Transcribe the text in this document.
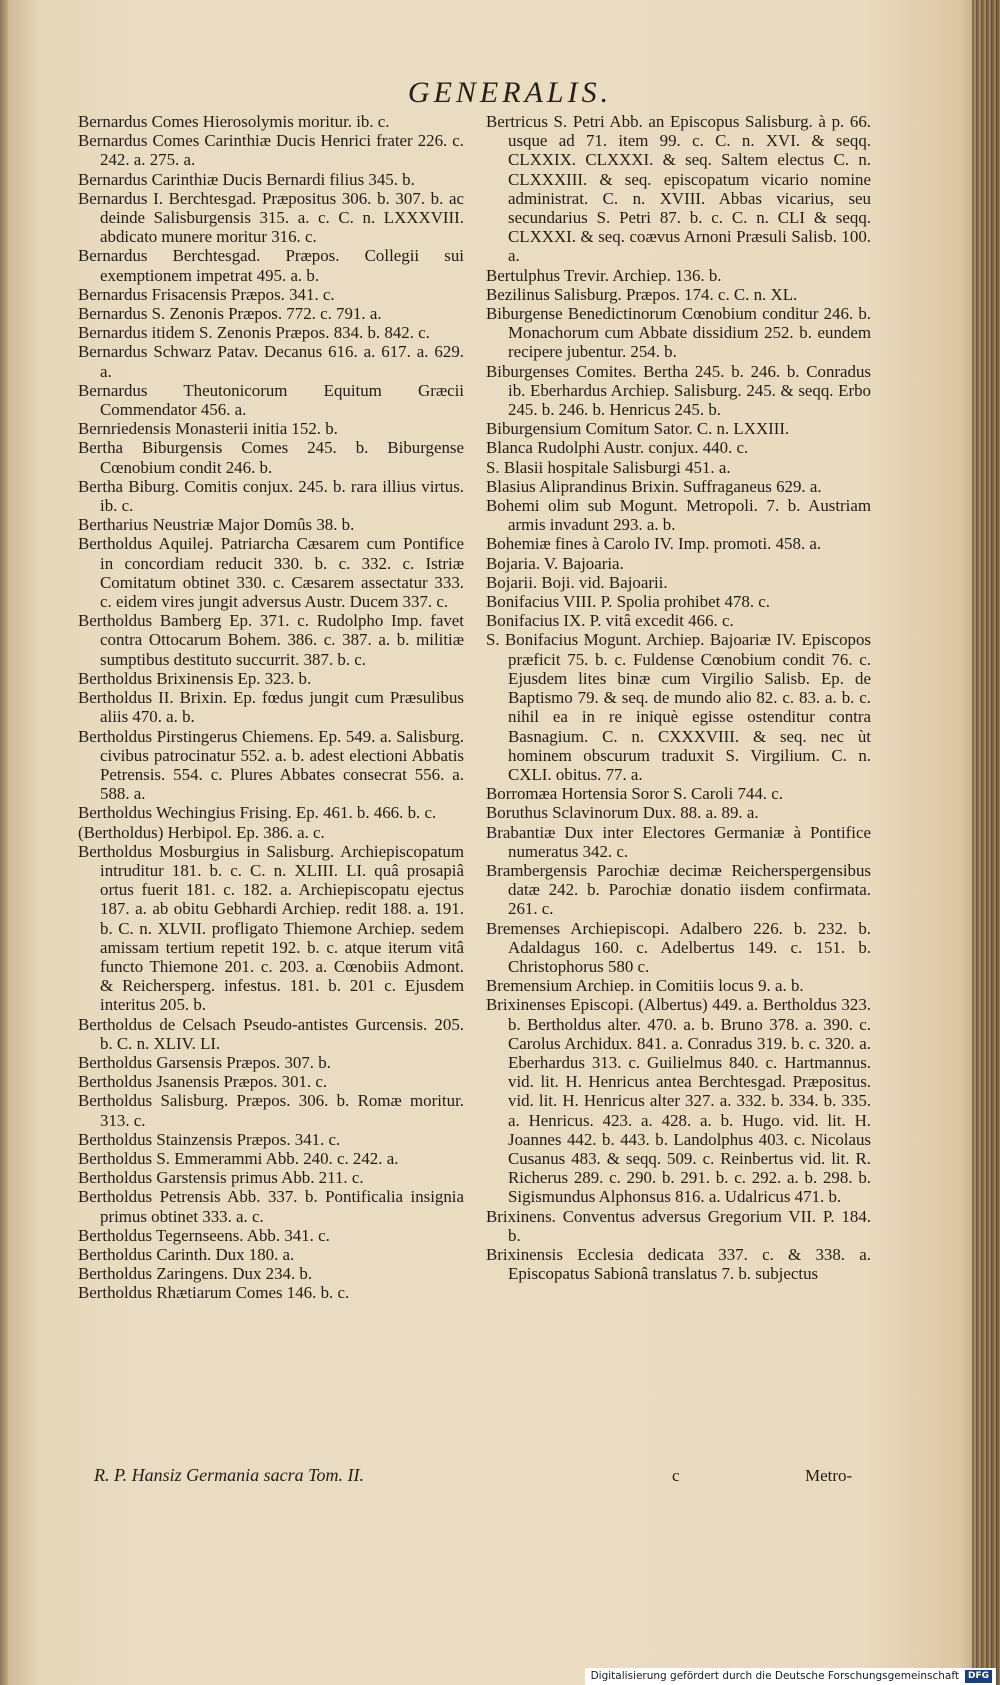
GENERALIS.

Bernardus Comes Hierosolymis moritur. ib. c.

Bernardus Comes Carinthiæ Ducis Henrici frater 226. c. 242. a. 275. a.

Bernardus Carinthiæ Ducis Bernardi filius 345. b.

Bernardus I. Berchtesgad. Præpositus 306. b. 307. b. ac deinde Salisburgensis 315. a. c. C. n. LXXXVIII. abdicato munere moritur 316. c.

Bernardus Berchtesgad. Præpos. Collegii sui exemptionem impetrat 495. a. b.

Bernardus Frisacensis Præpos. 341. c.

Bernardus S. Zenonis Præpos. 772. c. 791. a.

Bernardus itidem S. Zenonis Præpos. 834. b. 842. c.

Bernardus Schwarz Patav. Decanus 616. a. 617. a. 629. a.

Bernardus Theutonicorum Equitum Græcii Commendator 456. a.

Bernriedensis Monasterii initia 152. b.

Bertha Biburgensis Comes 245. b. Biburgense Cœnobium condit 246. b.

Bertha Biburg. Comitis conjux. 245. b. rara illius virtus. ib. c.

Bertharius Neustriæ Major Domûs 38. b.

Bertholdus Aquilej. Patriarcha Cæsarem cum Pontifice in concordiam reducit 330. b. c. 332. c. Istriæ Comitatum obtinet 330. c. Cæsarem assectatur 333. c. eidem vires jungit adversus Austr. Ducem 337. c.

Bertholdus Bamberg Ep. 371. c. Rudolpho Imp. favet contra Ottocarum Bohem. 386. c. 387. a. b. militiæ sumptibus destituto succurrit. 387. b. c.

Bertholdus Brixinensis Ep. 323. b.

Bertholdus II. Brixin. Ep. fœdus jungit cum Præsulibus aliis 470. a. b.

Bertholdus Pirstingerus Chiemens. Ep. 549. a. Salisburg. civibus patrocinatur 552. a. b. adest electioni Abbatis Petrensis. 554. c. Plures Abbates consecrat 556. a. 588. a.

Bertholdus Wechingius Frising. Ep. 461. b. 466. b. c.

(Bertholdus) Herbipol. Ep. 386. a. c.

Bertholdus Mosburgius in Salisburg. Archiepiscopatum intruditur 181. b. c. C. n. XLIII. LI. quâ prosapiâ ortus fuerit 181. c. 182. a. Archiepiscopatu ejectus 187. a. ab obitu Gebhardi Archiep. redit 188. a. 191. b. C. n. XLVII. profligato Thiemone Archiep. sedem amissam tertium repetit 192. b. c. atque iterum vitâ functo Thiemone 201. c. 203. a. Cœnobiis Admont. & Reichersperg. infestus. 181. b. 201 c. Ejusdem interitus 205. b.

Bertholdus de Celsach Pseudo-antistes Gurcensis. 205. b. C. n. XLIV. LI.

Bertholdus Garsensis Præpos. 307. b.

Bertholdus Jsanensis Præpos. 301. c.

Bertholdus Salisburg. Præpos. 306. b. Romæ moritur. 313. c.

Bertholdus Stainzensis Præpos. 341. c.

Bertholdus S. Emmerammi Abb. 240. c. 242. a.

Bertholdus Garstensis primus Abb. 211. c.

Bertholdus Petrensis Abb. 337. b. Pontificalia insignia primus obtinet 333. a. c.

Bertholdus Tegernseens. Abb. 341. c.

Bertholdus Carinth. Dux 180. a.

Bertholdus Zaringens. Dux 234. b.

Bertholdus Rhætiarum Comes 146. b. c.

Bertricus S. Petri Abb. an Episcopus Salisburg. à p. 66. usque ad 71. item 99. c. C. n. XVI. & seqq. CLXXIX. CLXXXI. & seq. Saltem electus C. n. CLXXXIII. & seq. episcopatum vicario nomine administrat. C. n. XVIII. Abbas vicarius, seu secundarius S. Petri 87. b. c. C. n. CLI & seqq. CLXXXI. & seq. coævus Arnoni Præsuli Salisb. 100. a.

Bertulphus Trevir. Archiep. 136. b.

Bezilinus Salisburg. Præpos. 174. c. C. n. XL.

Biburgense Benedictinorum Cœnobium conditur 246. b. Monachorum cum Abbate dissidium 252. b. eundem recipere jubentur. 254. b.

Biburgenses Comites. Bertha 245. b. 246. b. Conradus ib. Eberhardus Archiep. Salisburg. 245. & seqq. Erbo 245. b. 246. b. Henricus 245. b.

Biburgensium Comitum Sator. C. n. LXXIII.

Blanca Rudolphi Austr. conjux. 440. c.

S. Blasii hospitale Salisburgi 451. a.

Blasius Aliprandinus Brixin. Suffraganeus 629. a.

Bohemi olim sub Mogunt. Metropoli. 7. b. Austriam armis invadunt 293. a. b.

Bohemiæ fines à Carolo IV. Imp. promoti. 458. a.

Bojaria. V. Bajoaria.

Bojarii. Boji. vid. Bajoarii.

Bonifacius VIII. P. Spolia prohibet 478. c.

Bonifacius IX. P. vitâ excedit 466. c.

S. Bonifacius Mogunt. Archiep. Bajoariæ IV. Episcopos præficit 75. b. c. Fuldense Cœnobium condit 76. c. Ejusdem lites binæ cum Virgilio Salisb. Ep. de Baptismo 79. & seq. de mundo alio 82. c. 83. a. b. c. nihil ea in re iniquè egisse ostenditur contra Basnagium. C. n. CXXXVIII. & seq. nec ùt hominem obscurum traduxit S. Virgilium. C. n. CXLI. obitus. 77. a.

Borromæa Hortensia Soror S. Caroli 744. c.

Boruthus Sclavinorum Dux. 88. a. 89. a.

Brabantiæ Dux inter Electores Germaniæ à Pontifice numeratus 342. c.

Brambergensis Parochiæ decimæ Reicherspergensibus datæ 242. b. Parochiæ donatio iisdem confirmata. 261. c.

Bremenses Archiepiscopi. Adalbero 226. b. 232. b. Adaldagus 160. c. Adelbertus 149. c. 151. b. Christophorus 580 c.

Bremensium Archiep. in Comitiis locus 9. a. b.

Brixinenses Episcopi. (Albertus) 449. a. Bertholdus 323. b. Bertholdus alter. 470. a. b. Bruno 378. a. 390. c. Carolus Archidux. 841. a. Conradus 319. b. c. 320. a. Eberhardus 313. c. Guilielmus 840. c. Hartmannus. vid. lit. H. Henricus antea Berchtesgad. Præpositus. vid. lit. H. Henricus alter 327. a. 332. b. 334. b. 335. a. Henricus. 423. a. 428. a. b. Hugo. vid. lit. H. Joannes 442. b. 443. b. Landolphus 403. c. Nicolaus Cusanus 483. & seqq. 509. c. Reinbertus vid. lit. R. Richerus 289. c. 290. b. 291. b. c. 292. a. b. 298. b. Sigismundus Alphonsus 816. a. Udalricus 471. b.

Brixinens. Conventus adversus Gregorium VII. P. 184. b.

Brixinensis Ecclesia dedicata 337. c. & 338. a. Episcopatus Sabionâ translatus 7. b. subjectus

R. P. Hansiz Germania sacra Tom. II.	c	Metro-
Digitalisierung gefördert durch die Deutsche Forschungsgemeinschaft	DFG
